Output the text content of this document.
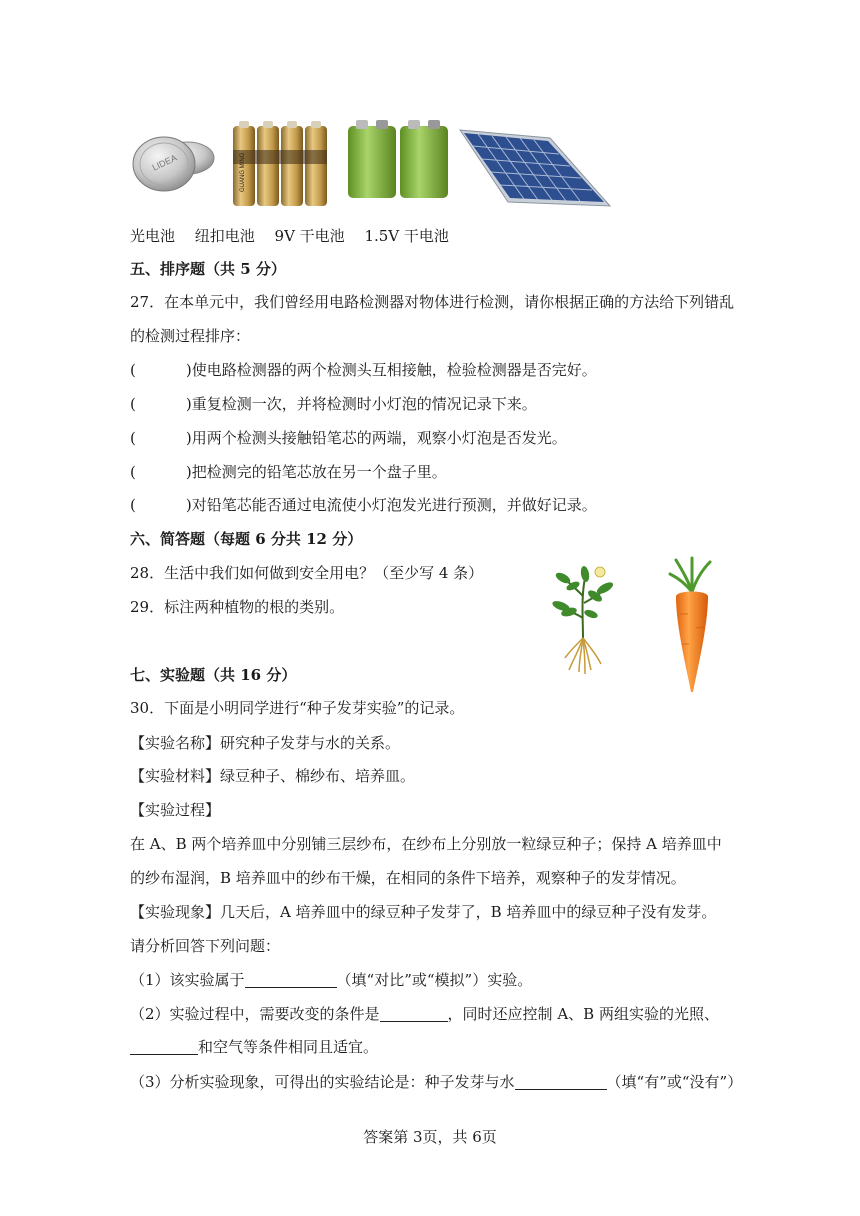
LIDEA	GUANG MING
光电池　 纽扣电池　 9V 干电池　 1.5V 干电池
五、排序题（共 5 分）
27．在本单元中，我们曾经用电路检测器对物体进行检测，请你根据正确的方法给下列错乱
的检测过程排序：
(	)使电路检测器的两个检测头互相接触，检验检测器是否完好。
(	)重复检测一次，并将检测时小灯泡的情况记录下来。
(	)用两个检测头接触铅笔芯的两端，观察小灯泡是否发光。
(	)把检测完的铅笔芯放在另一个盘子里。
(	)对铅笔芯能否通过电流使小灯泡发光进行预测，并做好记录。
六、简答题（每题 6 分共 12 分）
28．生活中我们如何做到安全用电？（至少写 4 条）
29．标注两种植物的根的类别。
七、实验题（共 16 分）
30．下面是小明同学进行“种子发芽实验”的记录。
【实验名称】研究种子发芽与水的关系。
【实验材料】绿豆种子、棉纱布、培养皿。
【实验过程】
在 A、B 两个培养皿中分别铺三层纱布，在纱布上分别放一粒绿豆种子；保持 A 培养皿中
的纱布湿润，B 培养皿中的纱布干燥，在相同的条件下培养，观察种子的发芽情况。
【实验现象】几天后，A 培养皿中的绿豆种子发芽了，B 培养皿中的绿豆种子没有发芽。
请分析回答下列问题：
（1）该实验属于	（填“对比”或“模拟”）实验。
（2）实验过程中，需要改变的条件是	，同时还应控制 A、B 两组实验的光照、
和空气等条件相同且适宜。
（3）分析实验现象，可得出的实验结论是：种子发芽与水	（填“有”或“没有”）
答案第 3页，共 6页
